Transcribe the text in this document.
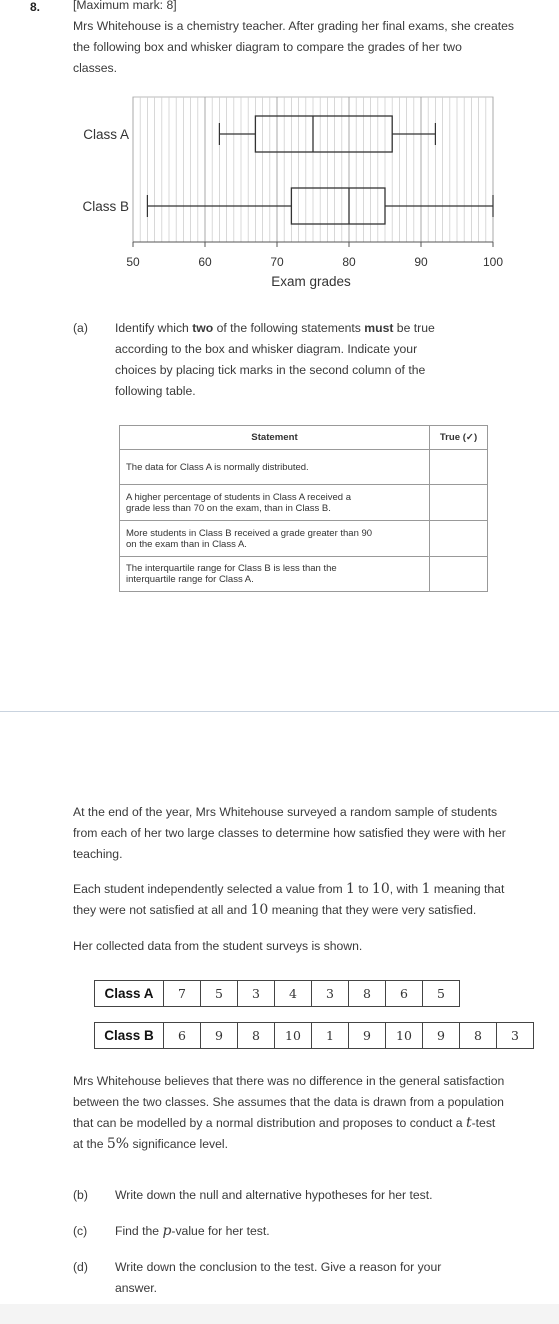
8.	[Maximum mark: 8]
Mrs Whitehouse is a chemistry teacher. After grading her final exams, she creates
the following box and whisker diagram to compare the grades of her two
classes.
50	60	70	80	90	100
Exam grades
Class A
Class B
(a) Identify which two of the following statements must be true
according to the box and whisker diagram. Indicate your
choices by placing tick marks in the second column of the
following table.
Statement	True (✓)
The data for Class A is normally distributed.	

A higher percentage of students in Class A received a
grade less than 70 on the exam, than in Class B.	

More students in Class B received a grade greater than 90
on the exam than in Class A.	

The interquartile range for Class B is less than the
interquartile range for Class A.	

At the end of the year, Mrs Whitehouse surveyed a random sample of students
from each of her two large classes to determine how satisfied they were with her
teaching.
Each student independently selected a value from 1 to 10, with 1 meaning that
they were not satisfied at all and 10 meaning that they were very satisfied.
Her collected data from the student surveys is shown.
Class A	7	5	3	4	3	8	6	5
Class B	6	9	8	10	1	9	10	9	8	3
Mrs Whitehouse believes that there was no difference in the general satisfaction
between the two classes. She assumes that the data is drawn from a population
that can be modelled by a normal distribution and proposes to conduct a t-test
at the 5% significance level.
(b) Write down the null and alternative hypotheses for her test.
(c) Find the p-value for her test.
(d) Write down the conclusion to the test. Give a reason for your
answer.
